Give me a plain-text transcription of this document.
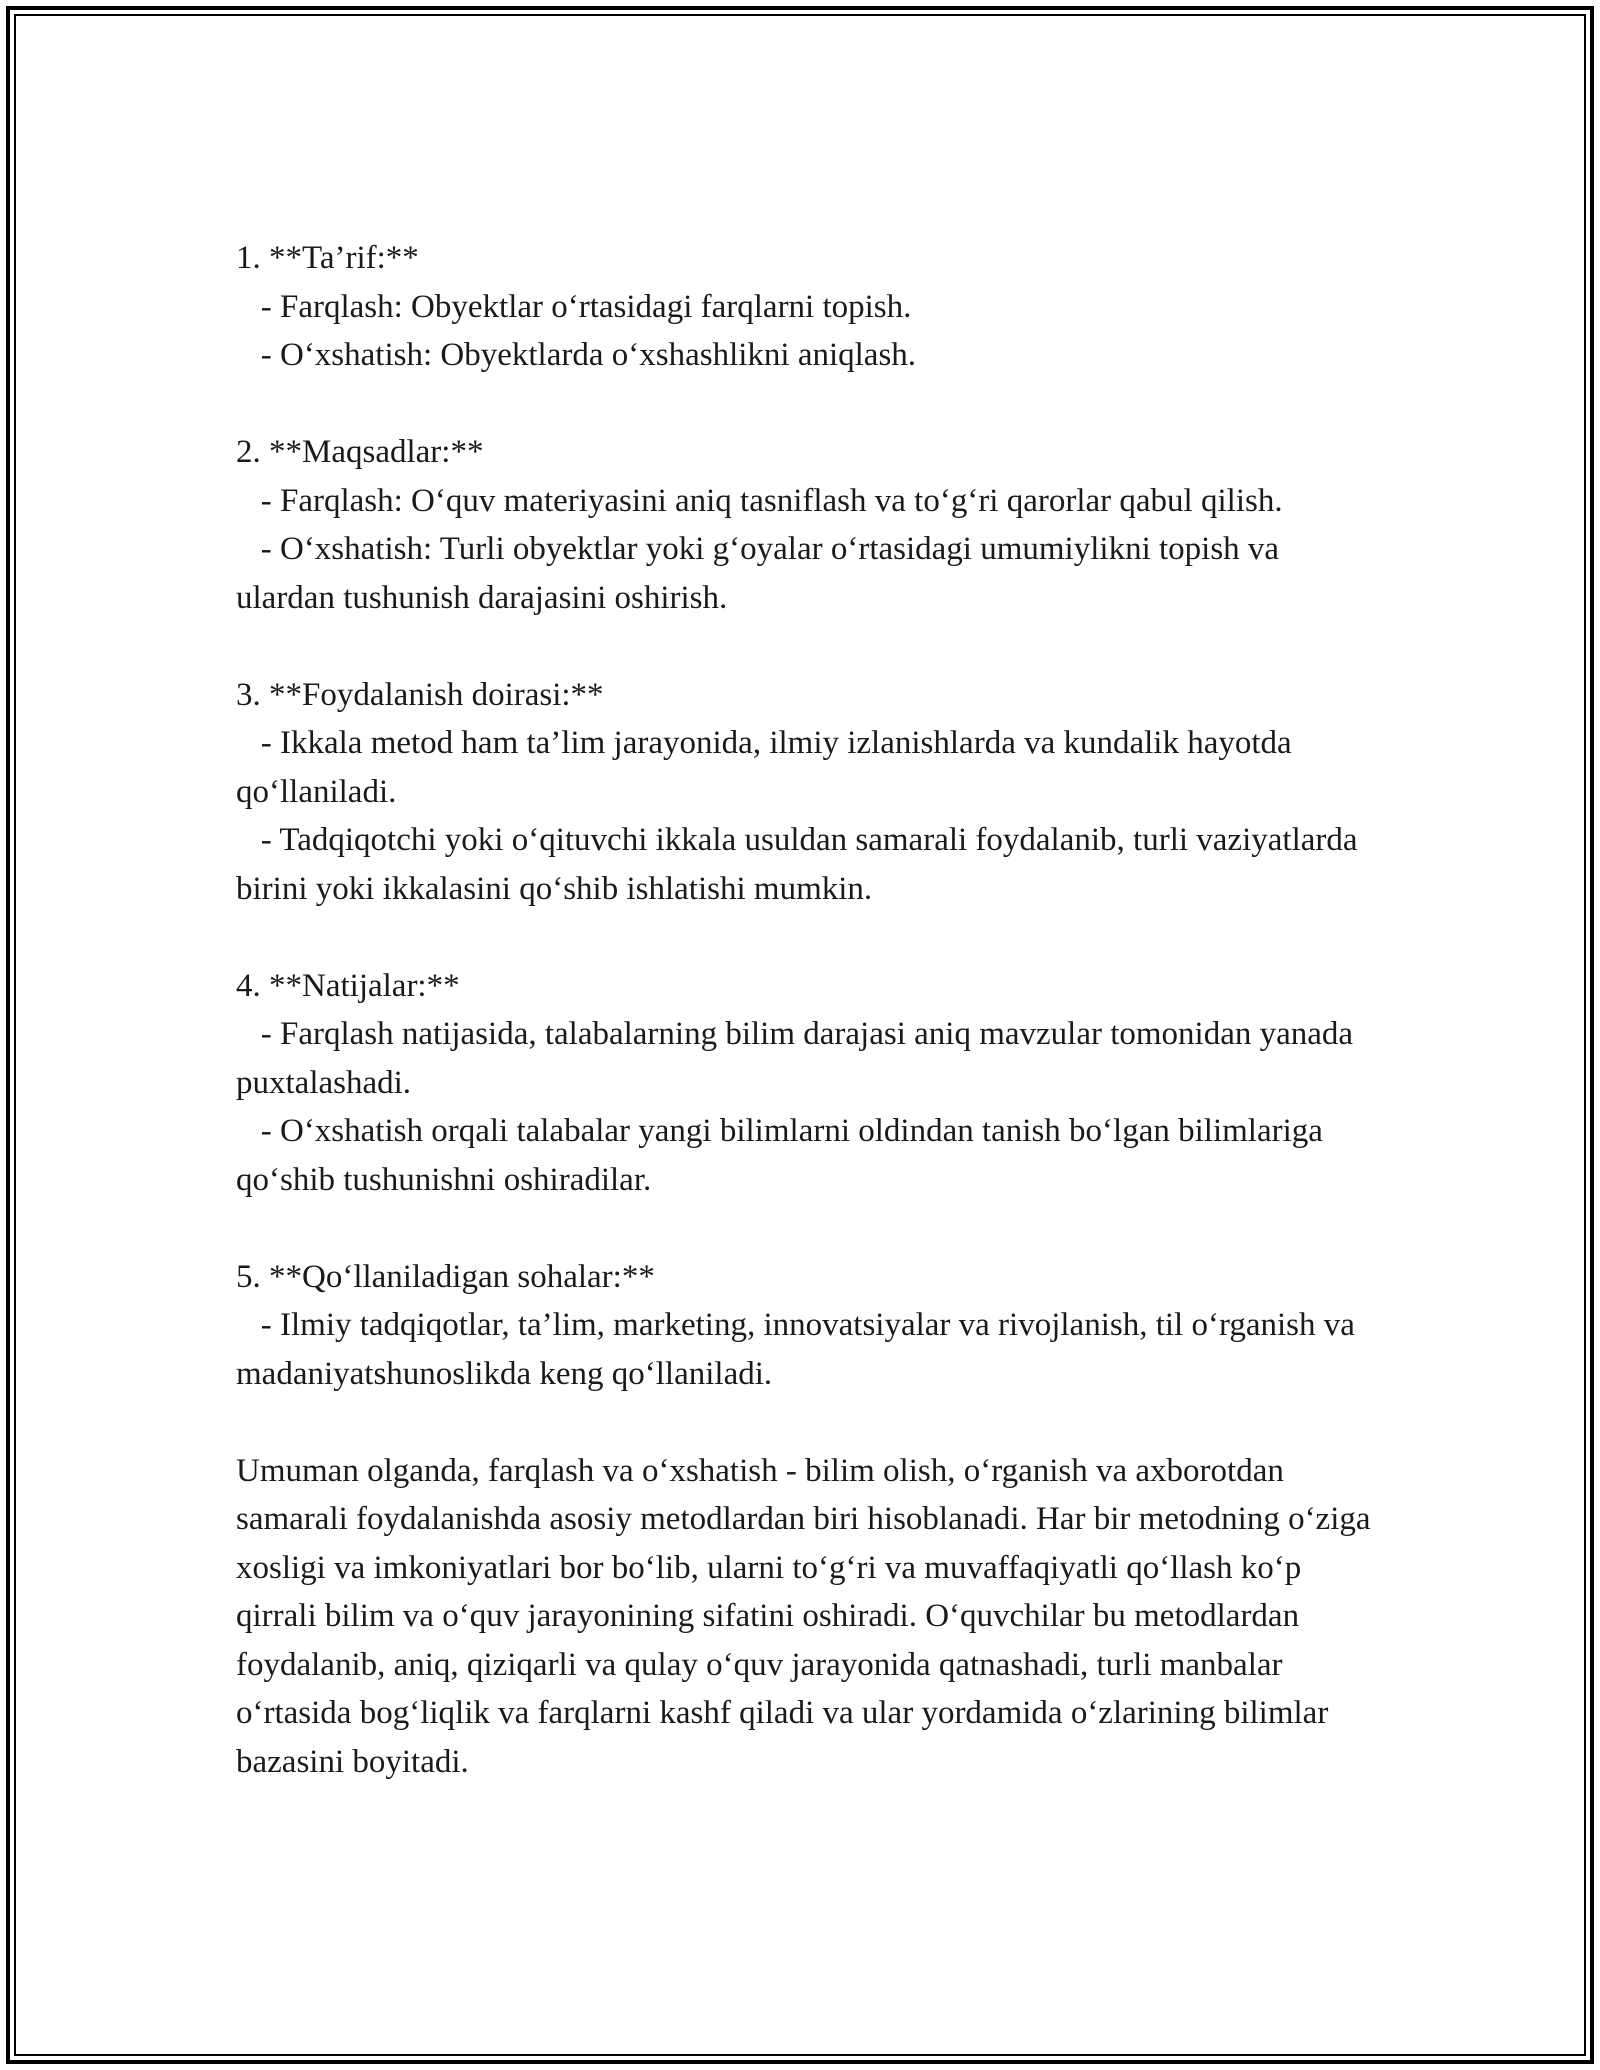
1. **Ta’rif:**

- Farqlash: Obyektlar o‘rtasidagi farqlarni topish.

- O‘xshatish: Obyektlarda o‘xshashlikni aniqlash.

2. **Maqsadlar:**

- Farqlash: O‘quv materiyasini aniq tasniflash va to‘g‘ri qarorlar qabul qilish.

- O‘xshatish: Turli obyektlar yoki g‘oyalar o‘rtasidagi umumiylikni topish va ulardan tushunish darajasini oshirish.

3. **Foydalanish doirasi:**

- Ikkala metod ham ta’lim jarayonida, ilmiy izlanishlarda va kundalik hayotda qo‘llaniladi.

- Tadqiqotchi yoki o‘qituvchi ikkala usuldan samarali foydalanib, turli vaziyatlarda birini yoki ikkalasini qo‘shib ishlatishi mumkin.

4. **Natijalar:**

- Farqlash natijasida, talabalarning bilim darajasi aniq mavzular tomonidan yanada puxtalashadi.

- O‘xshatish orqali talabalar yangi bilimlarni oldindan tanish bo‘lgan bilimlariga qo‘shib tushunishni oshiradilar.

5. **Qo‘llaniladigan sohalar:**

- Ilmiy tadqiqotlar, ta’lim, marketing, innovatsiyalar va rivojlanish, til o‘rganish va madaniyatshunoslikda keng qo‘llaniladi.

Umuman olganda, farqlash va o‘xshatish - bilim olish, o‘rganish va axborotdan samarali foydalanishda asosiy metodlardan biri hisoblanadi. Har bir metodning o‘ziga xosligi va imkoniyatlari bor bo‘lib, ularni to‘g‘ri va muvaffaqiyatli qo‘llash ko‘p qirrali bilim va o‘quv jarayonining sifatini oshiradi. O‘quvchilar bu metodlardan foydalanib, aniq, qiziqarli va qulay o‘quv jarayonida qatnashadi, turli manbalar o‘rtasida bog‘liqlik va farqlarni kashf qiladi va ular yordamida o‘zlarining bilimlar bazasini boyitadi.
